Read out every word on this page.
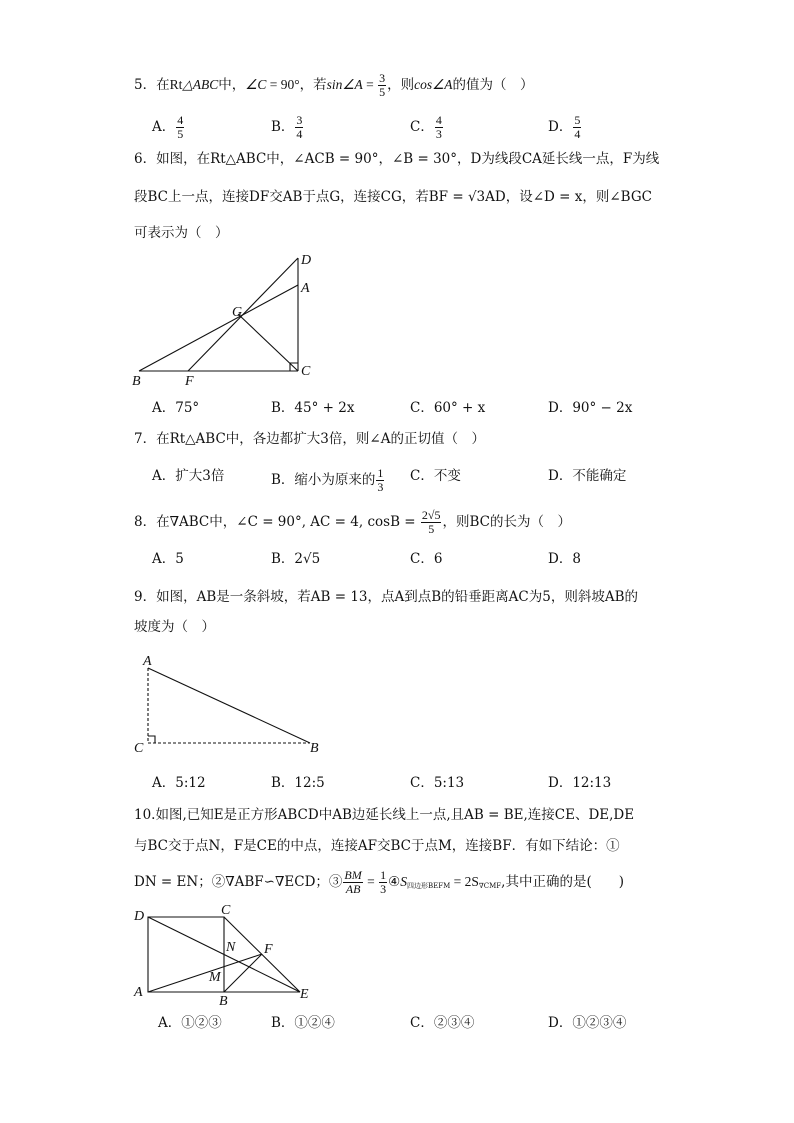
5．在Rt△ABC中，∠C = 90°，若sin∠A = $\frac{3}{5}$ ，则cos∠A的值为（　）
A． $\frac{4}{5}$	B． $\frac{3}{4}$	C． $\frac{4}{3}$	D． $\frac{5}{4}$
6．如图，在Rt△ABC中，∠ACB = 90°，∠B = 30°，D为线段CA延长线一点，F为线
段BC上一点，连接DF交AB于点G，连接CG，若BF = √3AD，设∠D = x，则∠BGC
可表示为（　）
D
A
G
B	F
C
A．75°	B．45° + 2x	C．60° + x	D．90° − 2x
7．在Rt△ABC中，各边都扩大3倍，则∠A的正切值（　）
A．扩大3倍	B．缩小为原来的 $\frac{1}{3}$ C．不变	D．不能确定
8．在∇ABC中，∠C = 90°, AC = 4, $\cos B = \frac{2√5}{5}$ ，则BC的长为（　）
A．5	B．2√5	C．6	D．8
9．如图，AB是一条斜坡，若AB = 13，点A到点B的铅垂距离AC为5，则斜坡AB的
坡度为（　）
A
C	B
A．5:12	B．12:5	C．5:13	D．12:13
10.如图,已知E是正方形ABCD中AB边延长线上一点,且AB = BE,连接CE、DE,DE
与BC交于点N，F是CE的中点，连接AF交BC于点M，连接BF．有如下结论：①
DN = EN；②∇ABF∽∇ECD；③ $\frac{BM}{AB} = \frac{1}{3}$ $④S_{四边形BEFM} = 2S_{\nabla CMF}$,其中正确的是(　　)
D	C
N F
M
A
B	E
A．①②③	B．①②④	C．②③④	D．①②③④
